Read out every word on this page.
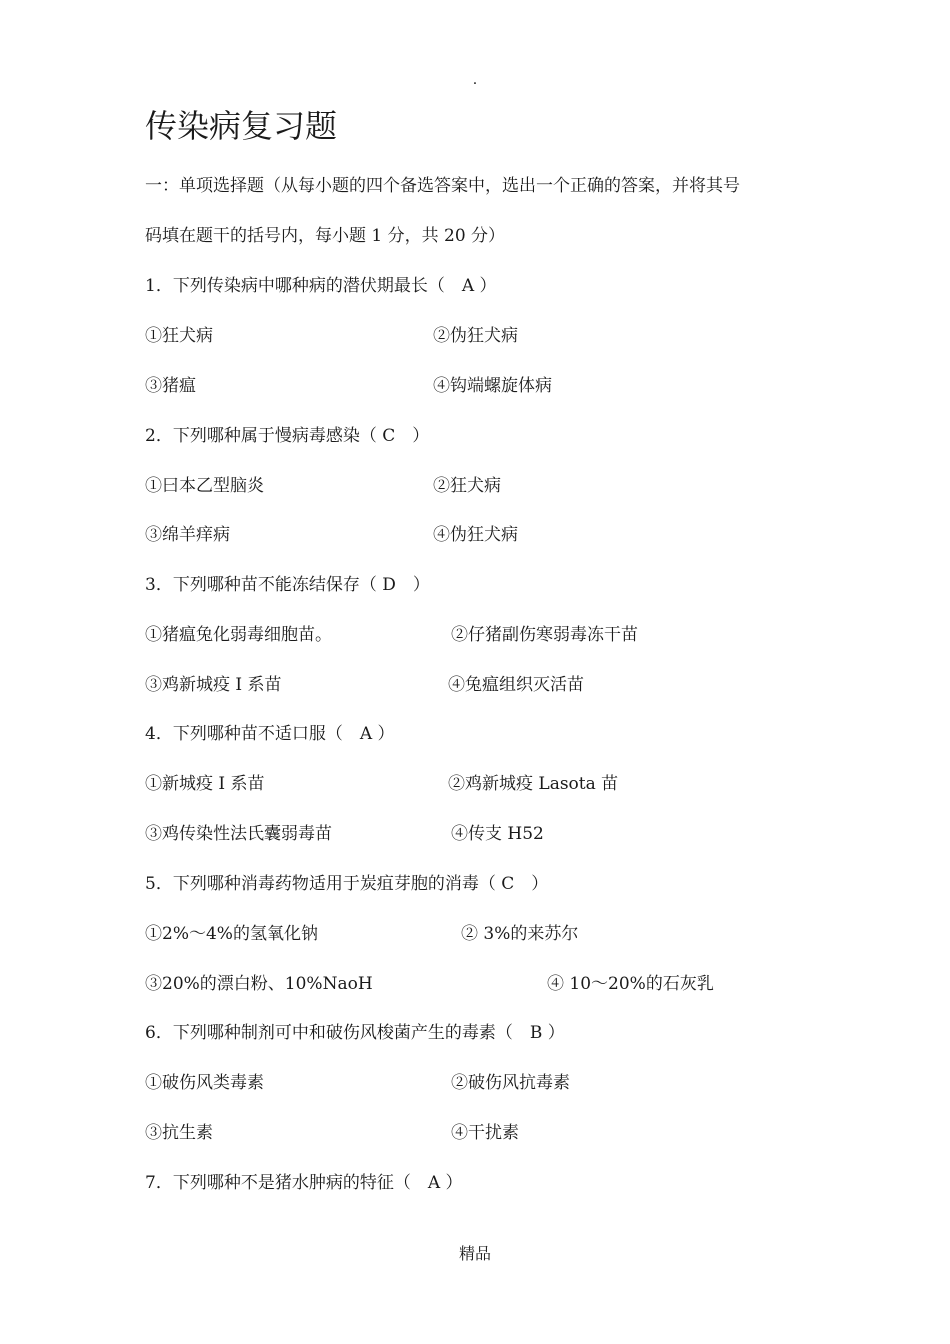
.
传染病复习题
一：单项选择题（从每小题的四个备选答案中，选出一个正确的答案，并将其号
码填在题干的括号内，每小题 1 分，共 20 分）
1．下列传染病中哪种病的潜伏期最长（　A ）
①狂犬病	②伪狂犬病
③猪瘟	④钩端螺旋体病
2．下列哪种属于慢病毒感染（ C　）
①曰本乙型脑炎	②狂犬病
③绵羊痒病	④伪狂犬病
3．下列哪种苗不能冻结保存（ D　）
①猪瘟兔化弱毒细胞苗。	②仔猪副伤寒弱毒冻干苗
③鸡新城疫 I 系苗	④兔瘟组织灭活苗
4．下列哪种苗不适口服（　A ）
①新城疫 I 系苗	②鸡新城疫 Lasota 苗
③鸡传染性法氏囊弱毒苗	④传支 H52
5．下列哪种消毒药物适用于炭疽芽胞的消毒（ C　）
①2%～4%的氢氧化钠	② 3%的来苏尔
③20%的漂白粉、10%NaoH	④ 10～20%的石灰乳
6．下列哪种制剂可中和破伤风梭菌产生的毒素（　B ）
①破伤风类毒素	②破伤风抗毒素
③抗生素	④干扰素
7．下列哪种不是猪水肿病的特征（　A ）
精品
